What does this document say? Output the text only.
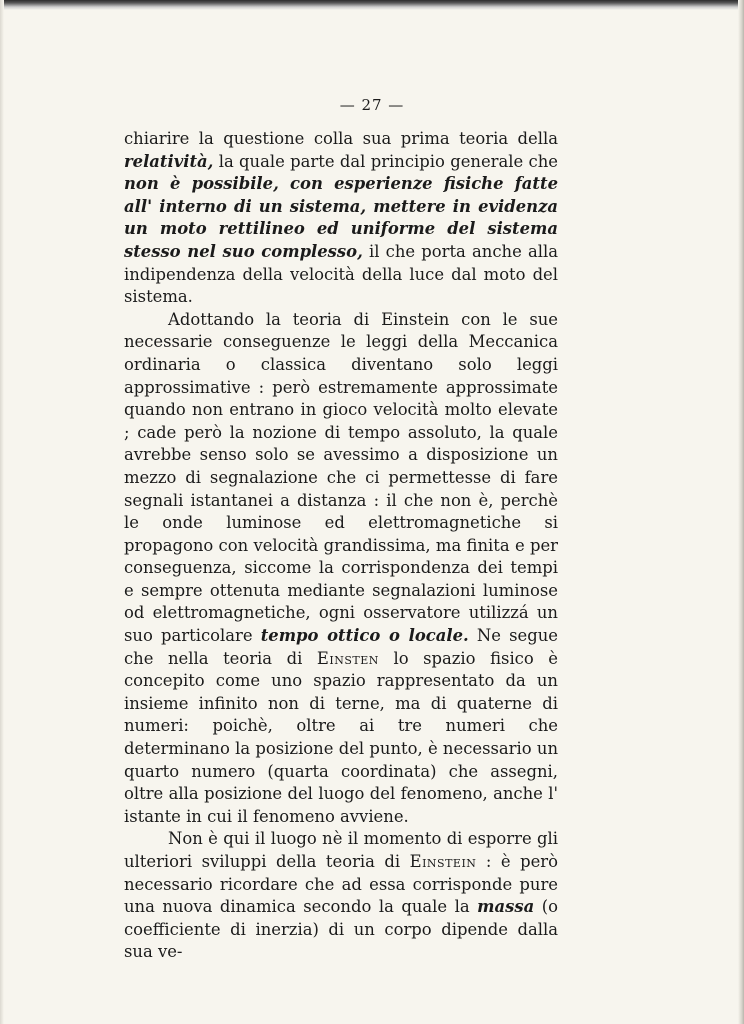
— 27 —

chiarire la questione colla sua prima teoria della relatività, la quale parte dal principio generale che non è possibile, con esperienze fisiche fatte all' interno di un sistema, mettere in evidenza un moto rettilineo ed uniforme del sistema stesso nel suo complesso, il che porta anche alla indipendenza della velocità della luce dal moto del sistema.

Adottando la teoria di Einstein con le sue necessarie conseguenze le leggi della Meccanica ordinaria o classica diventano solo leggi approssimative : però estremamente approssimate quando non entrano in gioco velocità molto elevate ; cade però la nozione di tempo assoluto, la quale avrebbe senso solo se avessimo a disposizione un mezzo di segnalazione che ci permettesse di fare segnali istantanei a distanza : il che non è, perchè le onde luminose ed elettromagnetiche si propagono con velocità grandissima, ma finita e per conseguenza, siccome la corrispondenza dei tempi e sempre ottenuta mediante segnalazioni luminose od elettromagnetiche, ogni osservatore utilizzá un suo particolare tempo ottico o locale. Ne segue che nella teoria di Einsten lo spazio fisico è concepito come uno spazio rappresentato da un insieme infinito non di terne, ma di quaterne di numeri: poichè, oltre ai tre numeri che determinano la posizione del punto, è necessario un quarto numero (quarta coordinata) che assegni, oltre alla posizione del luogo del fenomeno, anche l' istante in cui il fenomeno avviene.

Non è qui il luogo nè il momento di esporre gli ulteriori sviluppi della teoria di Einstein : è però necessario ricordare che ad essa corrisponde pure una nuova dinamica secondo la quale la massa (o coefficiente di inerzia) di un corpo dipende dalla sua ve-
